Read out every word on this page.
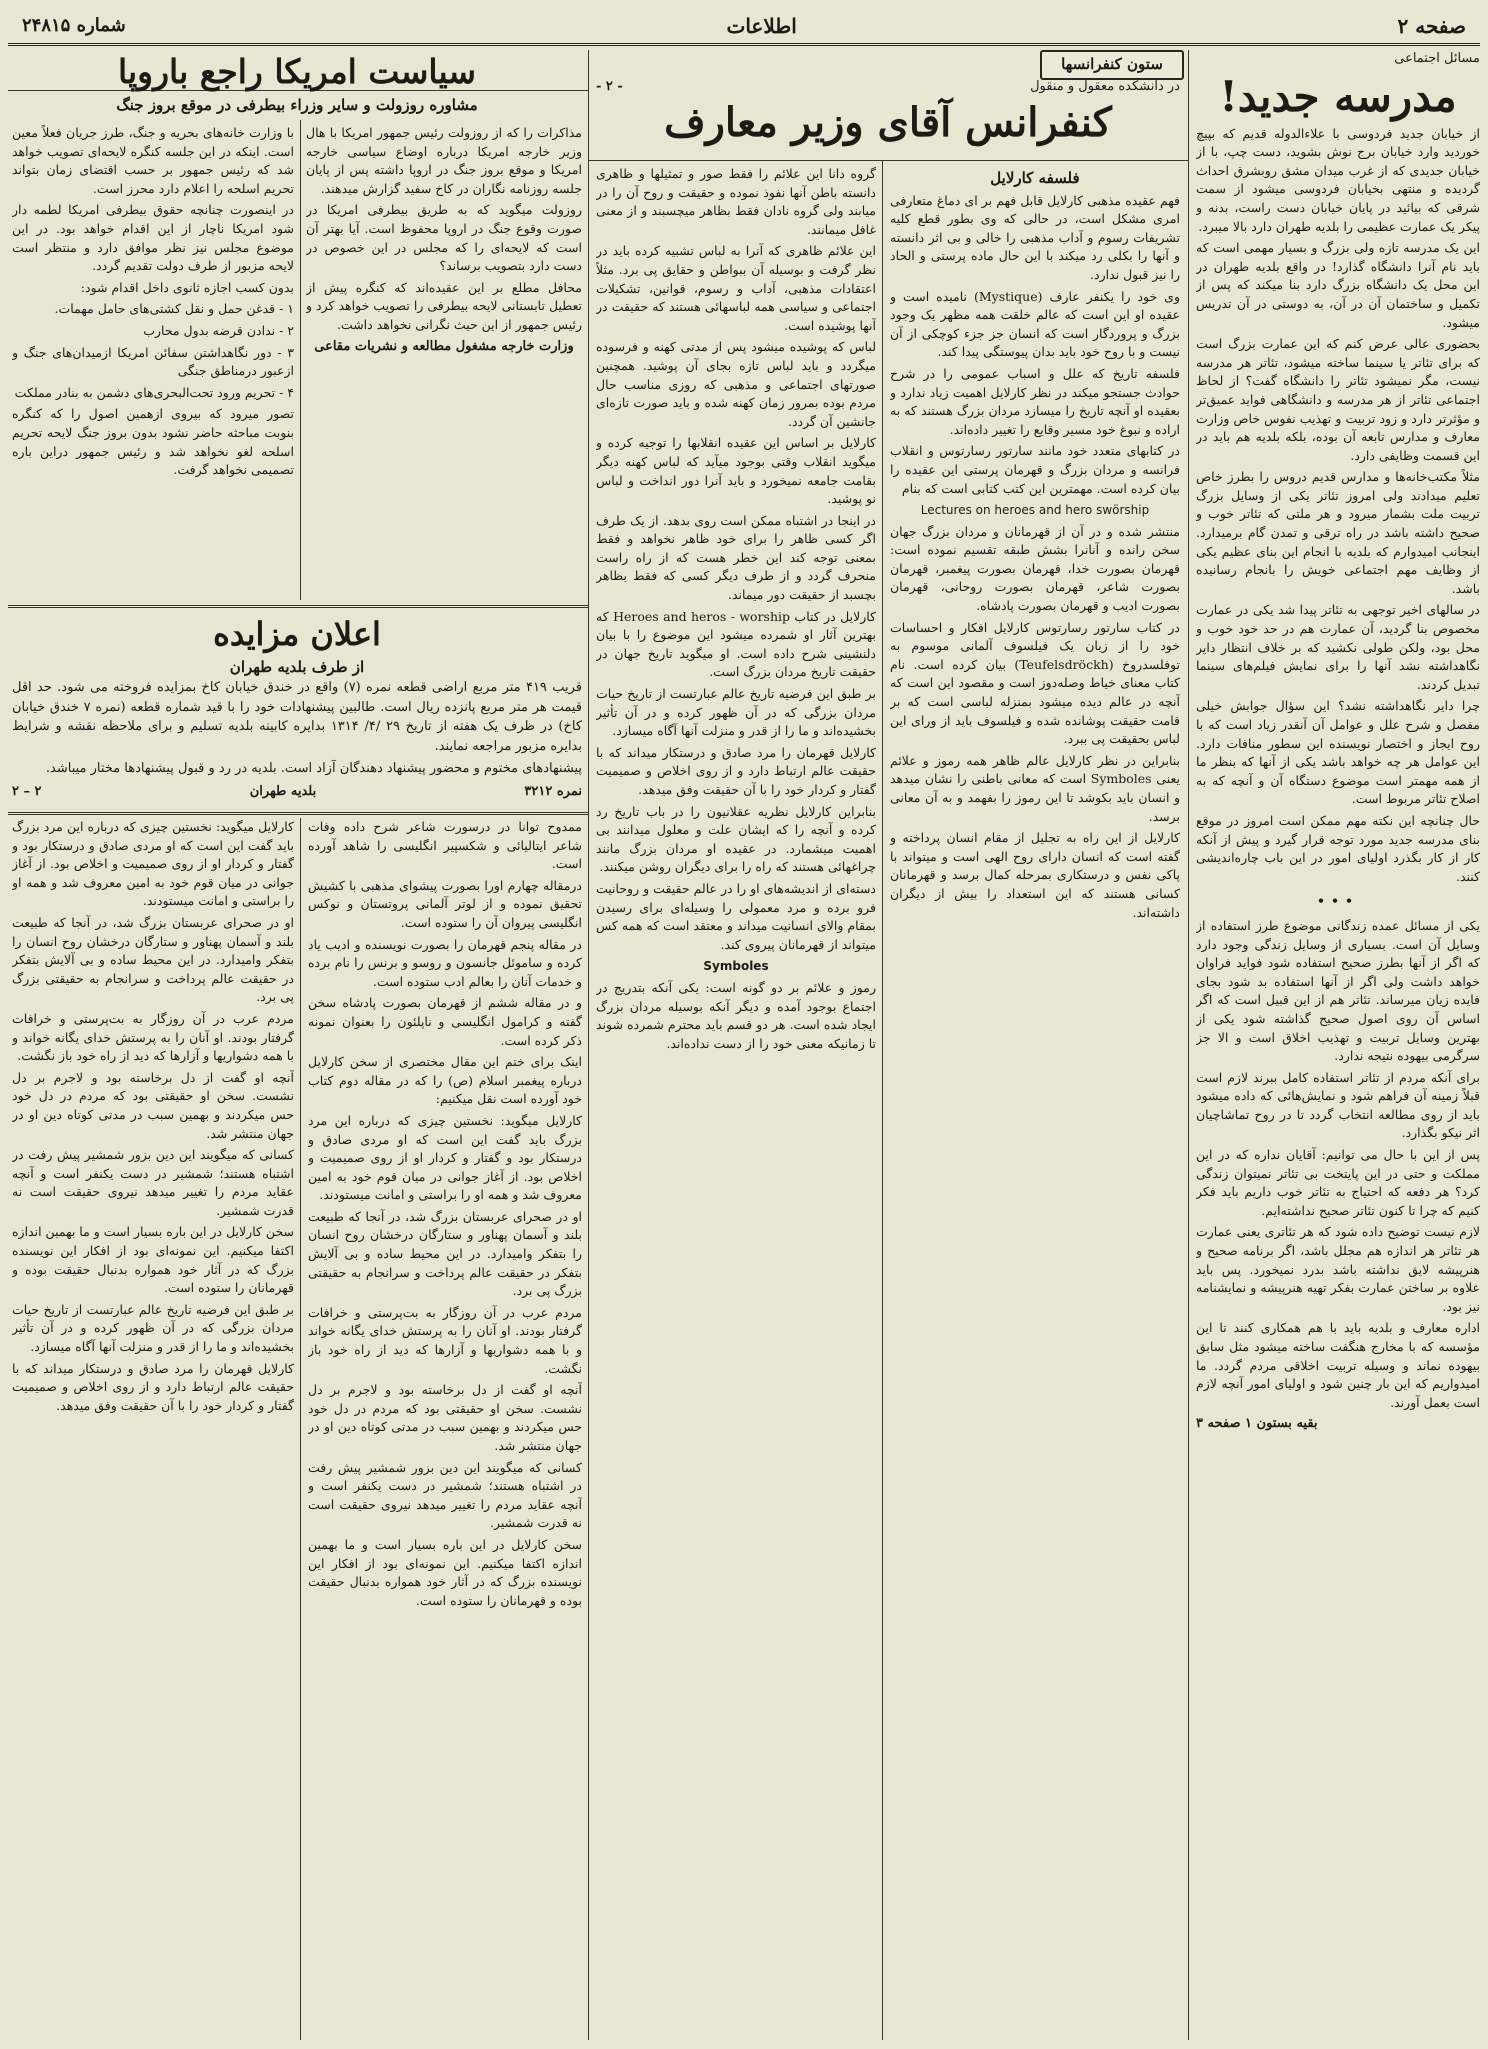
صفحه ۲
اطلاعات
شماره ۲۴۸۱۵
مسائل اجتماعی
مدرسه جدید!

از خیابان جدید فردوسی با علاءالدوله قدیم که بپیچ خوردید وارد خیابان برج نوش بشوید، دست چپ، با از خیابان جدیدی که از غرب میدان مشق روبشرق احداث گردیده و منتهی بخیابان فردوسی میشود از سمت شرقی که بیائید در پایان خیابان دست راست، بدنه و پیکر یک عمارت عظیمی را بلدیه طهران دارد بالا میبرد.

این یک مدرسه تازه ولی بزرگ و بسیار مهمی است که باید نام آنرا دانشگاه گذارد! در واقع بلدیه طهران در این محل یک دانشگاه بزرگ دارد بنا میکند که پس از تکمیل و ساختمان آن در آن، به دوستی در آن تدریس میشود.

بحضوری عالی عرض کنم که این عمارت بزرگ است که برای تئاتر یا سینما ساخته میشود، تئاتر هر مدرسه نیست، مگر نمیشود تئاتر را دانشگاه گفت؟ از لحاظ اجتماعی تئاتر از هر مدرسه و دانشگاهی فواید عمیق‌تر و مؤثرتر دارد و زود تربیت و تهذیب نفوس خاص وزارت معارف و مدارس تابعه آن بوده، بلکه بلدیه هم باید در این قسمت وظایفی دارد.

مثلاً مکتب‌خانه‌ها و مدارس قدیم دروس را بطرز خاص تعلیم میدادند ولی امروز تئاتر یکی از وسایل بزرگ تربیت ملت بشمار میرود و هر ملتی که تئاتر خوب و صحیح داشته باشد در راه ترقی و تمدن گام برمیدارد. اینجانب امیدوارم که بلدیه با انجام این بنای عظیم یکی از وظایف مهم اجتماعی خویش را بانجام رسانیده باشد.

در سالهای اخیر توجهی به تئاتر پیدا شد یکی در عمارت مخصوص بنا گردید، آن عمارت هم در حد خود خوب و محل بود، ولکن طولی نکشید که بر خلاف انتظار دایر نگاهداشته نشد آنها را برای نمایش فیلم‌های سینما تبدیل کردند.

چرا دایر نگاهداشته نشد؟ این سؤال جوابش خیلی مفصل و شرح علل و عوامل آن آنقدر زیاد است که با روح ایجاز و اختصار نویسنده این سطور منافات دارد. این عوامل هر چه خواهد باشد یکی از آنها که بنظر ما از همه مهمتر است موضوع دستگاه آن و آنچه که به اصلاح تئاتر مربوط است.

حال چنانچه این نکته مهم ممکن است امروز در موقع بنای مدرسه جدید مورد توجه قرار گیرد و پیش از آنکه کار از کار بگذرد اولیای امور در این باب چاره‌اندیشی کنند.

•••

یکی از مسائل عمده زندگانی موضوع طرز استفاده از وسایل آن است. بسیاری از وسایل زندگی وجود دارد که اگر از آنها بطرز صحیح استفاده شود فواید فراوان خواهد داشت ولی اگر از آنها استفاده بد شود بجای فایده زیان میرساند. تئاتر هم از این قبیل است که اگر اساس آن روی اصول صحیح گذاشته شود یکی از بهترین وسایل تربیت و تهذیب اخلاق است و الا جز سرگرمی بیهوده نتیجه ندارد.

برای آنکه مردم از تئاتر استفاده کامل ببرند لازم است قبلاً زمینه آن فراهم شود و نمایش‌هائی که داده میشود باید از روی مطالعه انتخاب گردد تا در روح تماشاچیان اثر نیکو بگذارد.

پس از این با حال می توانیم: آقایان نداره که در این مملکت و حتی در این پایتخت بی تئاتر نمیتوان زندگی کرد؟ هر دفعه که احتیاج به تئاتر خوب داریم باید فکر کنیم که چرا تا کنون تئاتر صحیح نداشته‌ایم.

لازم نیست توضیح داده شود که هر تئاتری یعنی عمارت هر تئاتر هر اندازه هم مجلل باشد، اگر برنامه صحیح و هنرپیشه لایق نداشته باشد بدرد نمیخورد. پس باید علاوه بر ساختن عمارت بفکر تهیه هنرپیشه و نمایشنامه نیز بود.

اداره معارف و بلدیه باید با هم همکاری کنند تا این مؤسسه که با مخارج هنگفت ساخته میشود مثل سابق بیهوده نماند و وسیله تربیت اخلاقی مردم گردد. ما امیدواریم که این بار چنین شود و اولیای امور آنچه لازم است بعمل آورند.

بقیه بستون ۱ صفحه ۳
ستون کنفرانسها
در دانشکده معقول و منقول
- ۲ -
کنفرانس آقای وزیر معارف
فلسفه کارلایل

فهم عقیده مذهبی کارلایل قابل فهم بر ای دماغ متعارفی امری مشکل است، در حالی که وی بطور قطع کلیه تشریفات رسوم و آداب مذهبی را خالی و بی اثر دانسته و آنها را بکلی رد میکند با این حال ماده پرستی و الحاد را نیز قبول ندارد.

وی خود را یکنفر عارف (Mystique) نامیده است و عقیده او این است که عالم خلقت همه مظهر یک وجود بزرگ و پروردگار است که انسان جز جزء کوچکی از آن نیست و با روح خود باید بدان پیوستگی پیدا کند.

فلسفه تاریخ که علل و اسباب عمومی را در شرح حوادث جستجو میکند در نظر کارلایل اهمیت زیاد ندارد و بعقیده او آنچه تاریخ را میسازد مردان بزرگ هستند که به اراده و نبوغ خود مسیر وقایع را تغییر داده‌اند.

در کتابهای متعدد خود مانند سارتور رسارتوس و انقلاب فرانسه و مردان بزرگ و قهرمان پرستی این عقیده را بیان کرده است. مهمترین این کتب کتابی است که بنام

Lectures on heroes and hero swörship

منتشر شده و در آن از قهرمانان و مردان بزرگ جهان سخن رانده و آنانرا بشش طبقه تقسیم نموده است: قهرمان بصورت خدا، قهرمان بصورت پیغمبر، قهرمان بصورت شاعر، قهرمان بصورت روحانی، قهرمان بصورت ادیب و قهرمان بصورت پادشاه.

در کتاب سارتور رسارتوس کارلایل افکار و احساسات خود را از زبان یک فیلسوف آلمانی موسوم به توفلسدروخ (Teufelsdröckh) بیان کرده است. نام کتاب معنای خیاط وصله‌دوز است و مقصود این است که آنچه در عالم دیده میشود بمنزله لباسی است که بر قامت حقیقت پوشانده شده و فیلسوف باید از ورای این لباس بحقیقت پی ببرد.

بنابراین در نظر کارلایل عالم ظاهر همه رموز و علائم یعنی Symboles است که معانی باطنی را نشان میدهد و انسان باید بکوشد تا این رموز را بفهمد و به آن معانی برسد.

کارلایل از این راه به تجلیل از مقام انسان پرداخته و گفته است که انسان دارای روح الهی است و میتواند با پاکی نفس و درستکاری بمرحله کمال برسد و قهرمانان کسانی هستند که این استعداد را بیش از دیگران داشته‌اند.

گروه دانا این علائم را فقط صور و تمثیلها و ظاهری دانسته باطن آنها نفوذ نموده و حقیقت و روح آن را در میابند ولی گروه نادان فقط بظاهر میچسبند و از معنی غافل میمانند.

این علائم ظاهری که آنرا به لباس تشبیه کرده باید در نظر گرفت و بوسیله آن ببواطن و حقایق پی برد. مثلاً اعتقادات مذهبی، آداب و رسوم، قوانین، تشکیلات اجتماعی و سیاسی همه لباسهائی هستند که حقیقت در آنها پوشیده است.

لباس که پوشیده میشود پس از مدتی کهنه و فرسوده میگردد و باید لباس تازه بجای آن پوشید. همچنین صورتهای اجتماعی و مذهبی که روزی مناسب حال مردم بوده بمرور زمان کهنه شده و باید صورت تازه‌ای جانشین آن گردد.

کارلایل بر اساس این عقیده انقلابها را توجیه کرده و میگوید انقلاب وقتی بوجود میآید که لباس کهنه دیگر بقامت جامعه نمیخورد و باید آنرا دور انداخت و لباس نو پوشید.

در اینجا در اشتباه ممکن است روی بدهد. از یک طرف اگر کسی ظاهر را برای خود ظاهر نخواهد و فقط بمعنی توجه کند این خطر هست که از راه راست منحرف گردد و از طرف دیگر کسی که فقط بظاهر بچسبد از حقیقت دور میماند.

کارلایل در کتاب Heroes and heros - worship که بهترین آثار او شمرده میشود این موضوع را با بیان دلنشینی شرح داده است. او میگوید تاریخ جهان در حقیقت تاریخ مردان بزرگ است.

بر طبق این فرضیه تاریخ عالم عبارتست از تاریخ حیات مردان بزرگی که در آن ظهور کرده و در آن تأثیر بخشیده‌اند و ما را از قدر و منزلت آنها آگاه میسازد.

کارلایل قهرمان را مرد صادق و درستکار میداند که با حقیقت عالم ارتباط دارد و از روی اخلاص و صمیمیت گفتار و کردار خود را با آن حقیقت وفق میدهد.

بنابراین کارلایل نظریه عقلانیون را در باب تاریخ رد کرده و آنچه را که ایشان علت و معلول میدانند بی اهمیت میشمارد. در عقیده او مردان بزرگ مانند چراغهائی هستند که راه را برای دیگران روشن میکنند.

دسته‌ای از اندیشه‌های او را در عالم حقیقت و روحانیت فرو برده و مرد معمولی را وسیله‌ای برای رسیدن بمقام والای انسانیت میداند و معتقد است که همه کس میتواند از قهرمانان پیروی کند.

Symboles

رموز و علائم بر دو گونه است: یکی آنکه بتدریج در اجتماع بوجود آمده و دیگر آنکه بوسیله مردان بزرگ ایجاد شده است. هر دو قسم باید محترم شمرده شوند تا زمانیکه معنی خود را از دست نداده‌اند.

ممدوح توانا در درسورت شاعر شرح داده وفات شاعر ایتالیائی و شکسپیر انگلیسی را شاهد آورده است.

درمقاله چهارم اورا بصورت پیشوای مذهبی با کشیش تحقیق نموده و از لوتر آلمانی پروتستان و نوکس انگلیسی پیروان آن را ستوده است.

در مقاله پنجم قهرمان را بصورت نویسنده و ادیب یاد کرده و ساموئل جانسون و روسو و برنس را نام برده و خدمات آنان را بعالم ادب ستوده است.

و در مقاله ششم از قهرمان بصورت پادشاه سخن گفته و کرامول انگلیسی و ناپلئون را بعنوان نمونه ذکر کرده است.

اینک برای ختم این مقال مختصری از سخن کارلایل درباره پیغمبر اسلام (ص) را که در مقاله دوم کتاب خود آورده است نقل میکنیم:

کارلایل میگوید: نخستین چیزی که درباره این مرد بزرگ باید گفت این است که او مردی صادق و درستکار بود و گفتار و کردار او از روی صمیمیت و اخلاص بود. از آغاز جوانی در میان قوم خود به امین معروف شد و همه او را براستی و امانت میستودند.

او در صحرای عربستان بزرگ شد، در آنجا که طبیعت بلند و آسمان پهناور و ستارگان درخشان روح انسان را بتفکر وامیدارد. در این محیط ساده و بی آلایش بتفکر در حقیقت عالم پرداخت و سرانجام به حقیقتی بزرگ پی برد.

مردم عرب در آن روزگار به بت‌پرستی و خرافات گرفتار بودند. او آنان را به پرستش خدای یگانه خواند و با همه دشواریها و آزارها که دید از راه خود باز نگشت.

آنچه او گفت از دل برخاسته بود و لاجرم بر دل نشست. سخن او حقیقتی بود که مردم در دل خود حس میکردند و بهمین سبب در مدتی کوتاه دین او در جهان منتشر شد.

کسانی که میگویند این دین بزور شمشیر پیش رفت در اشتباه هستند؛ شمشیر در دست یکنفر است و آنچه عقاید مردم را تغییر میدهد نیروی حقیقت است نه قدرت شمشیر.

سخن کارلایل در این باره بسیار است و ما بهمین اندازه اکتفا میکنیم. این نمونه‌ای بود از افکار این نویسنده بزرگ که در آثار خود همواره بدنبال حقیقت بوده و قهرمانان را ستوده است.

کارلایل میگوید: نخستین چیزی که درباره این مرد بزرگ باید گفت این است که او مردی صادق و درستکار بود و گفتار و کردار او از روی صمیمیت و اخلاص بود. از آغاز جوانی در میان قوم خود به امین معروف شد و همه او را براستی و امانت میستودند.

او در صحرای عربستان بزرگ شد، در آنجا که طبیعت بلند و آسمان پهناور و ستارگان درخشان روح انسان را بتفکر وامیدارد. در این محیط ساده و بی آلایش بتفکر در حقیقت عالم پرداخت و سرانجام به حقیقتی بزرگ پی برد.

مردم عرب در آن روزگار به بت‌پرستی و خرافات گرفتار بودند. او آنان را به پرستش خدای یگانه خواند و با همه دشواریها و آزارها که دید از راه خود باز نگشت.

آنچه او گفت از دل برخاسته بود و لاجرم بر دل نشست. سخن او حقیقتی بود که مردم در دل خود حس میکردند و بهمین سبب در مدتی کوتاه دین او در جهان منتشر شد.

کسانی که میگویند این دین بزور شمشیر پیش رفت در اشتباه هستند؛ شمشیر در دست یکنفر است و آنچه عقاید مردم را تغییر میدهد نیروی حقیقت است نه قدرت شمشیر.

سخن کارلایل در این باره بسیار است و ما بهمین اندازه اکتفا میکنیم. این نمونه‌ای بود از افکار این نویسنده بزرگ که در آثار خود همواره بدنبال حقیقت بوده و قهرمانان را ستوده است.

بر طبق این فرضیه تاریخ عالم عبارتست از تاریخ حیات مردان بزرگی که در آن ظهور کرده و در آن تأثیر بخشیده‌اند و ما را از قدر و منزلت آنها آگاه میسازد.

کارلایل قهرمان را مرد صادق و درستکار میداند که با حقیقت عالم ارتباط دارد و از روی اخلاص و صمیمیت گفتار و کردار خود را با آن حقیقت وفق میدهد.

سیاست امریکا راجع باروپا
مشاوره روزولت و سایر وزراء بیطرفی در موقع بروز جنگ

با وزارت خانه‌های بحریه و جنگ، طرز جریان فعلاً معین است. اینکه در این جلسه کنگره لایحه‌ای تصویب خواهد شد که رئیس جمهور بر حسب اقتضای زمان بتواند تحریم اسلحه را اعلام دارد محرز است.

در اینصورت چنانچه حقوق بیطرفی امریکا لطمه دار شود امریکا ناچار از این اقدام خواهد بود. در این موضوع مجلس نیز نظر موافق دارد و منتظر است لایحه مزبور از طرف دولت تقدیم گردد.

بدون کسب اجازه ثانوی داخل اقدام شود:

۱ - قدغن حمل و نقل کشتی‌های حامل مهمات.

۲ - ندادن قرضه بدول محارب

۳ - دور نگاهداشتن سفائن امریکا ازمیدان‌های جنگ و ازعبور درمناطق جنگی

۴ - تحریم ورود تحت‌البحری‌های دشمن به بنادر مملکت

تصور میرود که بیروی ازهمین اصول را که کنگره بنوبت مباحثه حاضر نشود بدون بروز جنگ لایحه تحریم اسلحه لغو نخواهد شد و رئیس جمهور دراین باره تصمیمی نخواهد گرفت.

مذاکرات را که از روزولت رئیس جمهور امریکا با هال وزیر خارجه امریکا درباره اوضاع سیاسی خارجه امریکا و موقع بروز جنگ در اروپا داشته پس از پایان جلسه روزنامه نگاران در کاخ سفید گزارش میدهند.

روزولت میگوید که به طریق بیطرفی امریکا در صورت وقوع جنگ در اروپا محفوظ است. آیا بهتر آن است که لایحه‌ای را که مجلس در این خصوص در دست دارد بتصویب برساند؟

محافل مطلع بر این عقیده‌اند که کنگره پیش از تعطیل تابستانی لایحه بیطرفی را تصویب خواهد کرد و رئیس جمهور از این حیث نگرانی نخواهد داشت.

وزارت خارجه مشغول مطالعه و نشریات مقاعی

اعلان مزایده
از طرف بلدیه طهران

قریب ۴۱۹ متر مربع اراضی قطعه نمره (۷) واقع در خندق خیابان کاخ بمزایده فروخته می شود. حد اقل قیمت هر متر مربع پانزده ریال است. طالبین پیشنهادات خود را با قید شماره قطعه (نمره ۷ خندق خیابان کاخ) در ظرف یک هفته از تاریخ ۲۹ /۴/ ۱۳۱۴ بدایره کابینه بلدیه تسلیم و برای ملاحظه نقشه و شرایط بدایره مزبور مراجعه نمایند.

پیشنهادهای مختوم و محضور پیشنهاد دهندگان آزاد است. بلدیه در رد و قبول پیشنهادها مختار میباشد.

نمره ۳۲۱۲
بلدیه طهران
۲ – ۲
